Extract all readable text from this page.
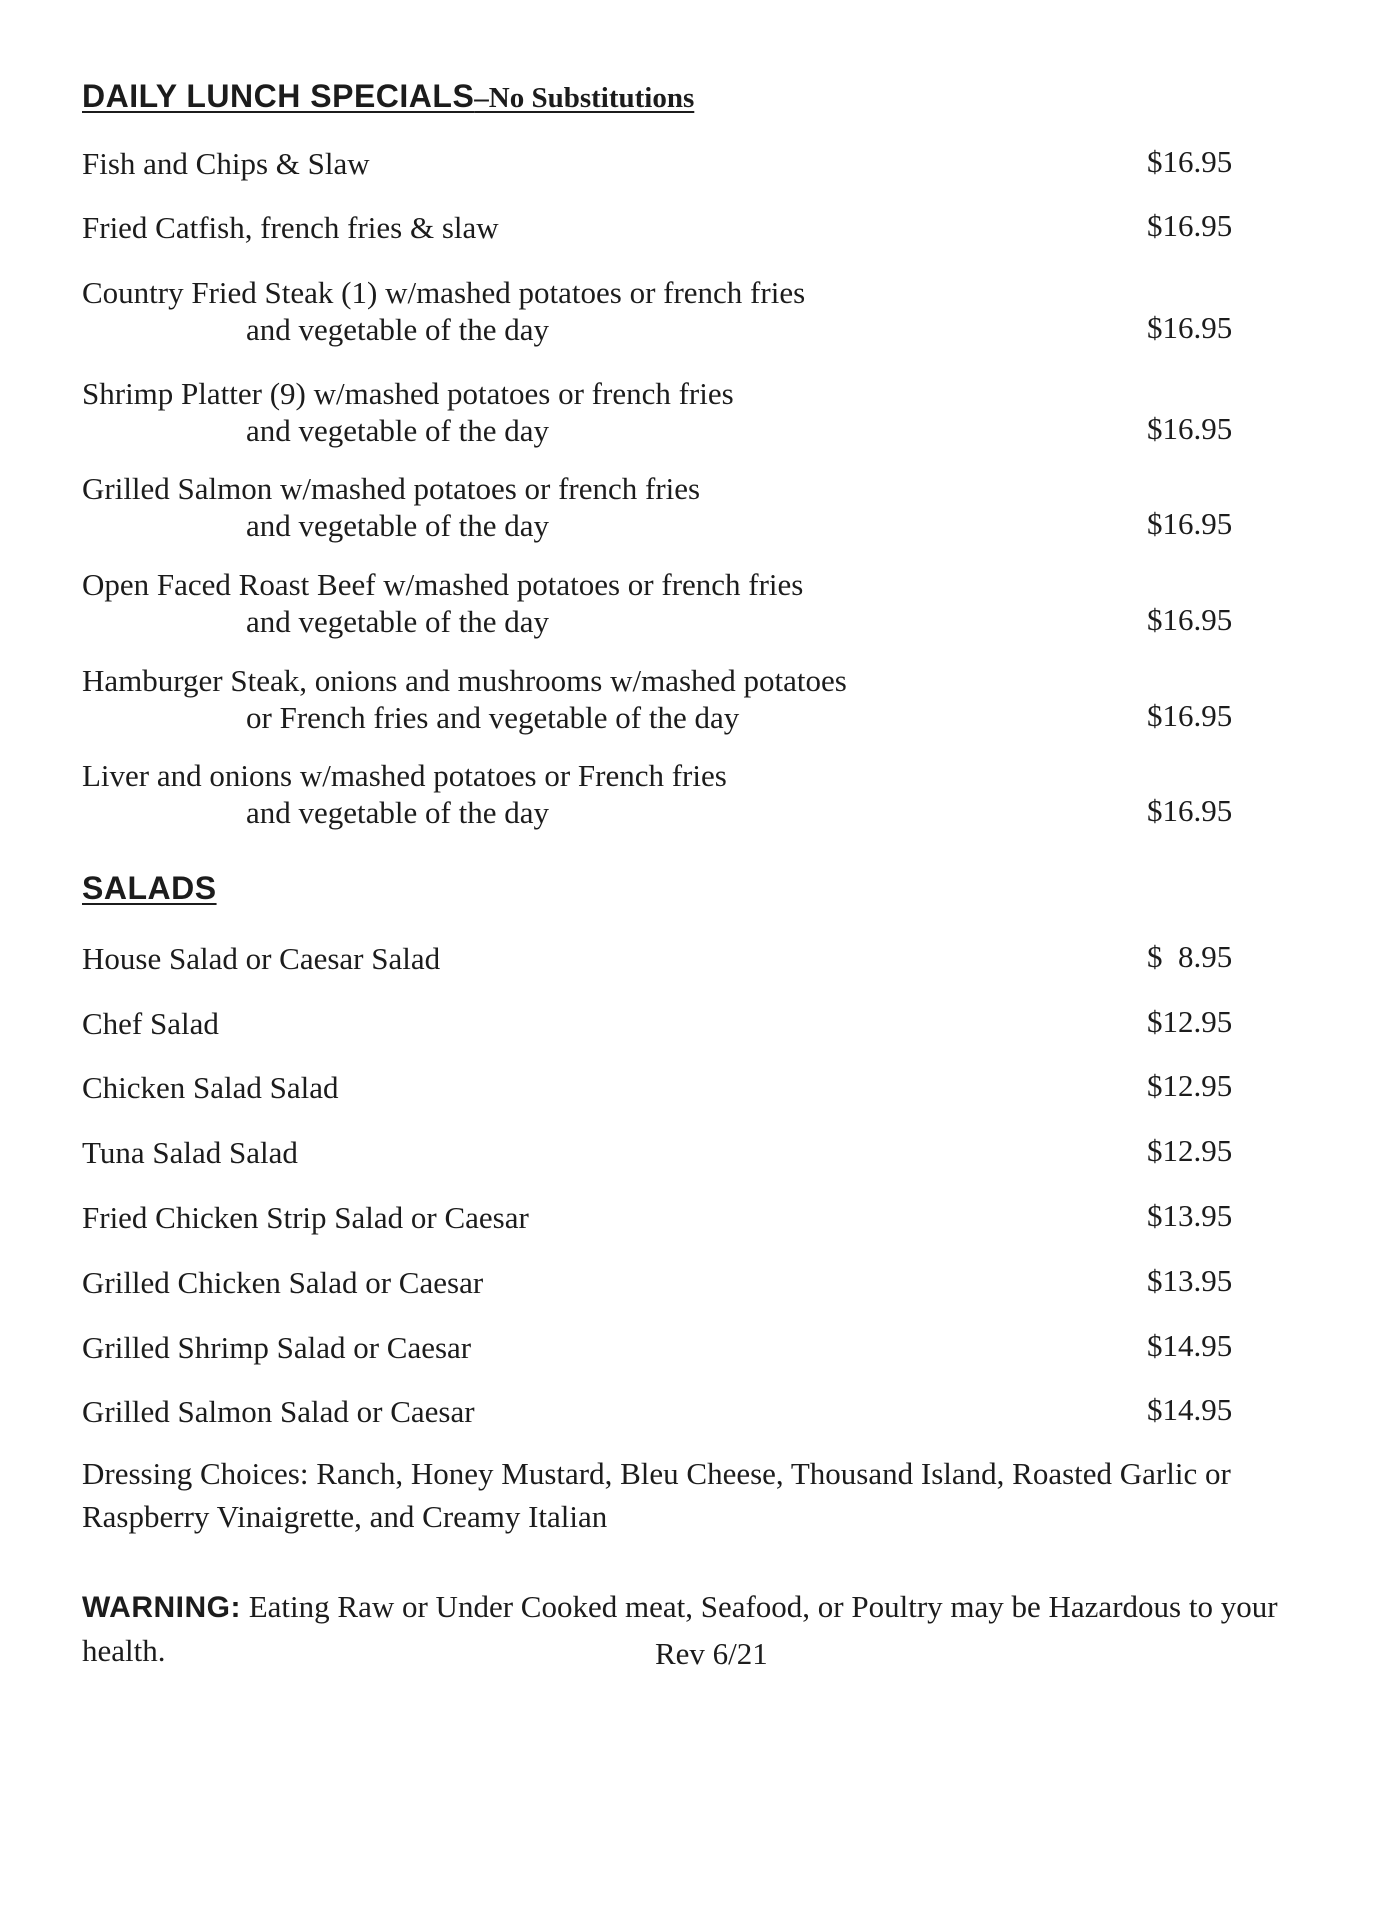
DAILY LUNCH SPECIALS–No Substitutions
Fish and Chips & Slaw	$16.95
Fried Catfish, french fries & slaw	$16.95
Country Fried Steak (1) w/mashed potatoes or french fries
and vegetable of the day	$16.95
Shrimp Platter (9) w/mashed potatoes or french fries
and vegetable of the day	$16.95
Grilled Salmon w/mashed potatoes or french fries
and vegetable of the day	$16.95
Open Faced Roast Beef w/mashed potatoes or french fries
and vegetable of the day	$16.95
Hamburger Steak, onions and mushrooms w/mashed potatoes
or French fries and vegetable of the day	$16.95
Liver and onions w/mashed potatoes or French fries
and vegetable of the day	$16.95
SALADS
House Salad or Caesar Salad	$  8.95
Chef Salad	$12.95
Chicken Salad Salad	$12.95
Tuna Salad Salad	$12.95
Fried Chicken Strip Salad or Caesar	$13.95
Grilled Chicken Salad or Caesar	$13.95
Grilled Shrimp Salad or Caesar	$14.95
Grilled Salmon Salad or Caesar	$14.95
Dressing Choices: Ranch, Honey Mustard, Bleu Cheese, Thousand Island, Roasted Garlic or Raspberry Vinaigrette, and Creamy Italian
WARNING: Eating Raw or Under Cooked meat, Seafood, or Poultry may be Hazardous to your health.	Rev 6/21
